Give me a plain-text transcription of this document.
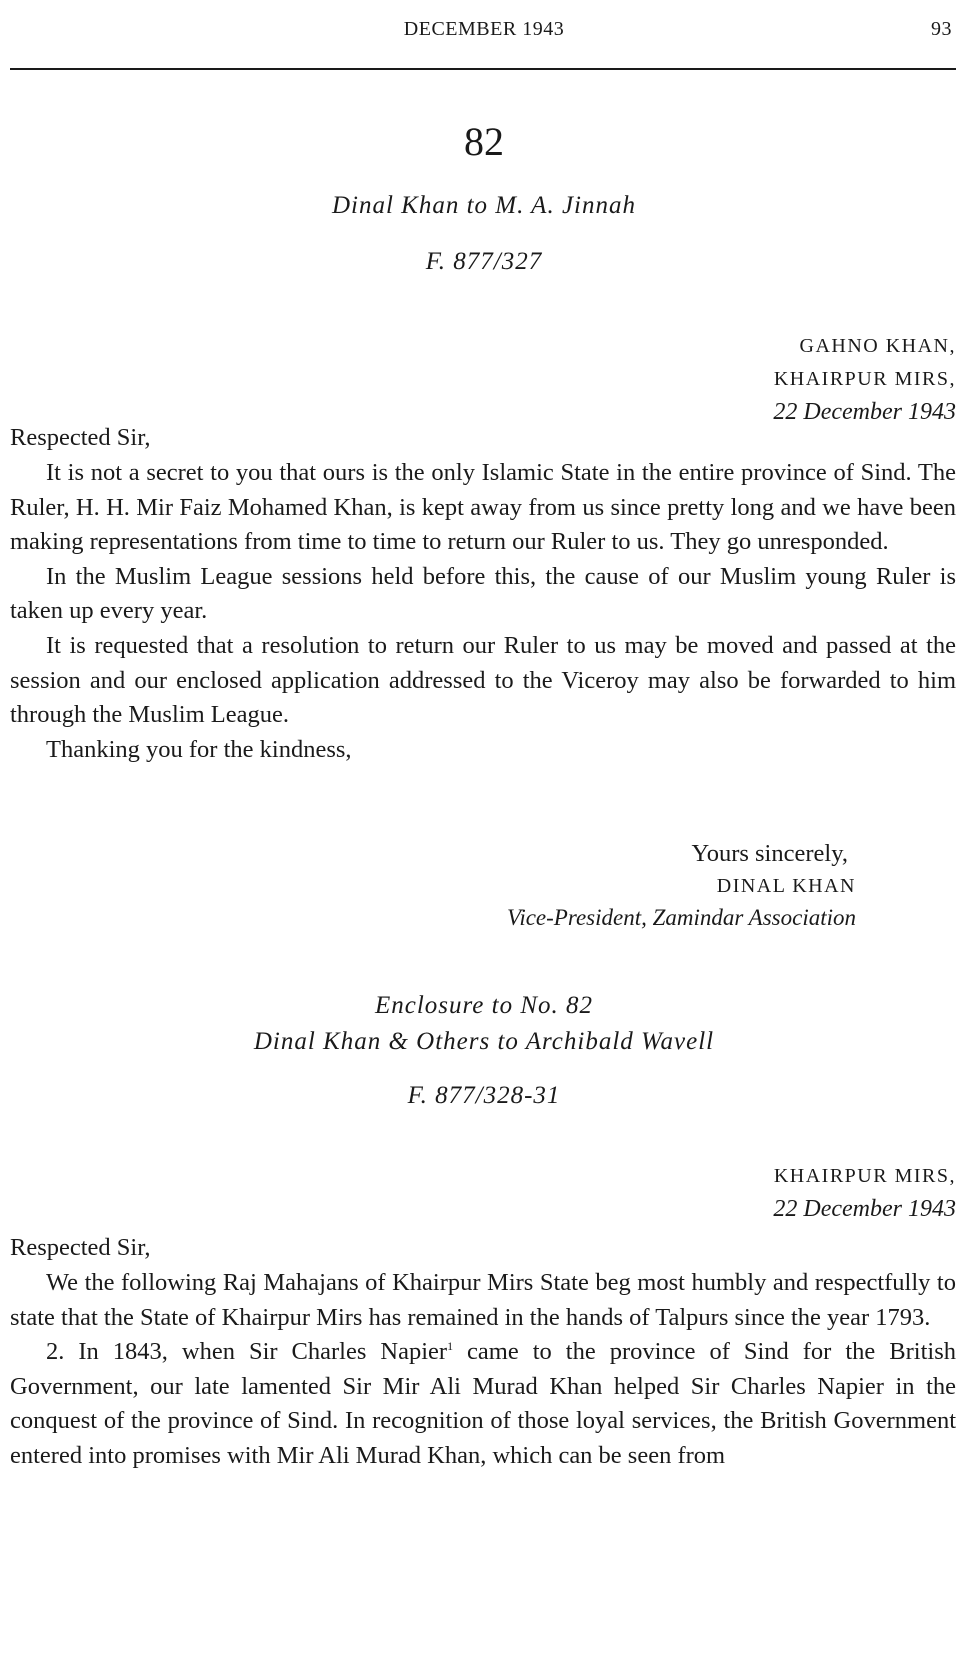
DECEMBER 1943	93
82
Dinal Khan to M. A. Jinnah
F. 877/327
GAHNO KHAN,
KHAIRPUR MIRS,
22 December 1943
Respected Sir,

It is not a secret to you that ours is the only Islamic State in the entire province of Sind. The Ruler, H. H. Mir Faiz Mohamed Khan, is kept away from us since pretty long and we have been making representations from time to time to return our Ruler to us. They go unresponded.

In the Muslim League sessions held before this, the cause of our Muslim young Ruler is taken up every year.

It is requested that a resolution to return our Ruler to us may be moved and passed at the session and our enclosed application addressed to the Viceroy may also be forwarded to him through the Muslim League.

Thanking you for the kindness,

Yours sincerely,
DINAL KHAN
Vice-President, Zamindar Association
Enclosure to No. 82
Dinal Khan & Others to Archibald Wavell
F. 877/328-31
KHAIRPUR MIRS,
22 December 1943
Respected Sir,

We the following Raj Mahajans of Khairpur Mirs State beg most humbly and respectfully to state that the State of Khairpur Mirs has remained in the hands of Talpurs since the year 1793.

2. In 1843, when Sir Charles Napier$^1$ came to the province of Sind for the British Government, our late lamented Sir Mir Ali Murad Khan helped Sir Charles Napier in the conquest of the province of Sind. In recognition of those loyal services, the British Government entered into promises with Mir Ali Murad Khan, which can be seen from
